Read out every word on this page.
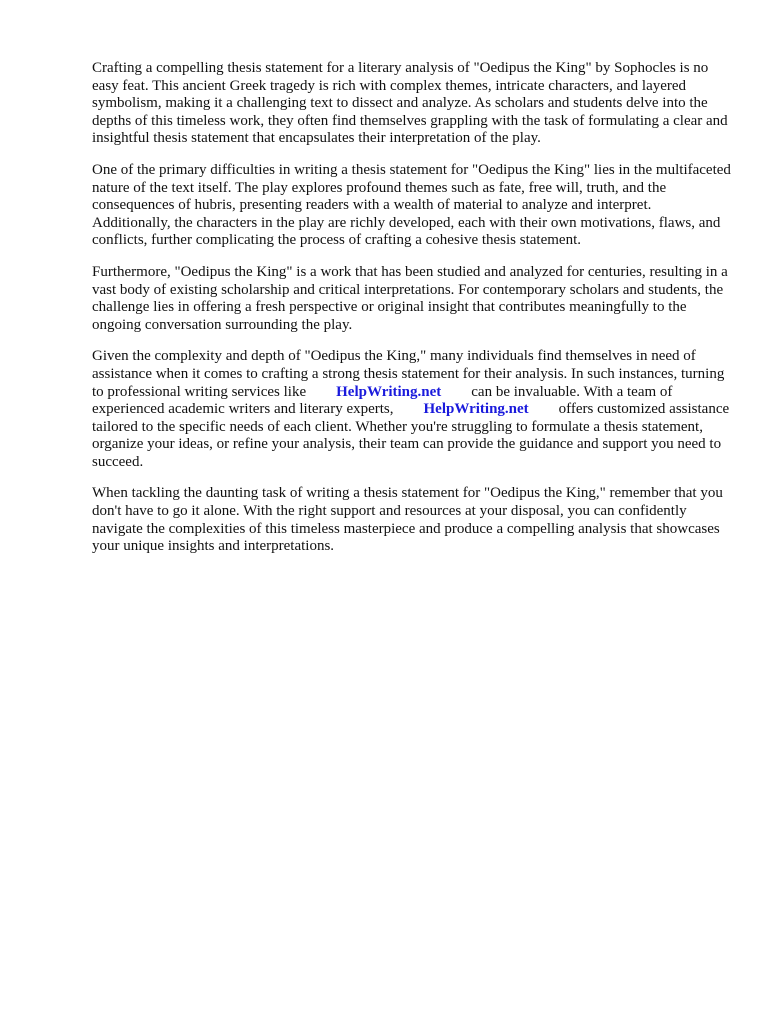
Crafting a compelling thesis statement for a literary analysis of "Oedipus the King" by Sophocles is no easy feat. This ancient Greek tragedy is rich with complex themes, intricate characters, and layered symbolism, making it a challenging text to dissect and analyze. As scholars and students delve into the depths of this timeless work, they often find themselves grappling with the task of formulating a clear and insightful thesis statement that encapsulates their interpretation of the play.

One of the primary difficulties in writing a thesis statement for "Oedipus the King" lies in the multifaceted nature of the text itself. The play explores profound themes such as fate, free will, truth, and the consequences of hubris, presenting readers with a wealth of material to analyze and interpret. Additionally, the characters in the play are richly developed, each with their own motivations, flaws, and conflicts, further complicating the process of crafting a cohesive thesis statement.

Furthermore, "Oedipus the King" is a work that has been studied and analyzed for centuries, resulting in a vast body of existing scholarship and critical interpretations. For contemporary scholars and students, the challenge lies in offering a fresh perspective or original insight that contributes meaningfully to the ongoing conversation surrounding the play.

Given the complexity and depth of "Oedipus the King," many individuals find themselves in need of assistance when it comes to crafting a strong thesis statement for their analysis. In such instances, turning to professional writing services like HelpWriting.net can be invaluable. With a team of experienced academic writers and literary experts, HelpWriting.net offers customized assistance tailored to the specific needs of each client. Whether you're struggling to formulate a thesis statement, organize your ideas, or refine your analysis, their team can provide the guidance and support you need to succeed.

When tackling the daunting task of writing a thesis statement for "Oedipus the King," remember that you don't have to go it alone. With the right support and resources at your disposal, you can confidently navigate the complexities of this timeless masterpiece and produce a compelling analysis that showcases your unique insights and interpretations.
